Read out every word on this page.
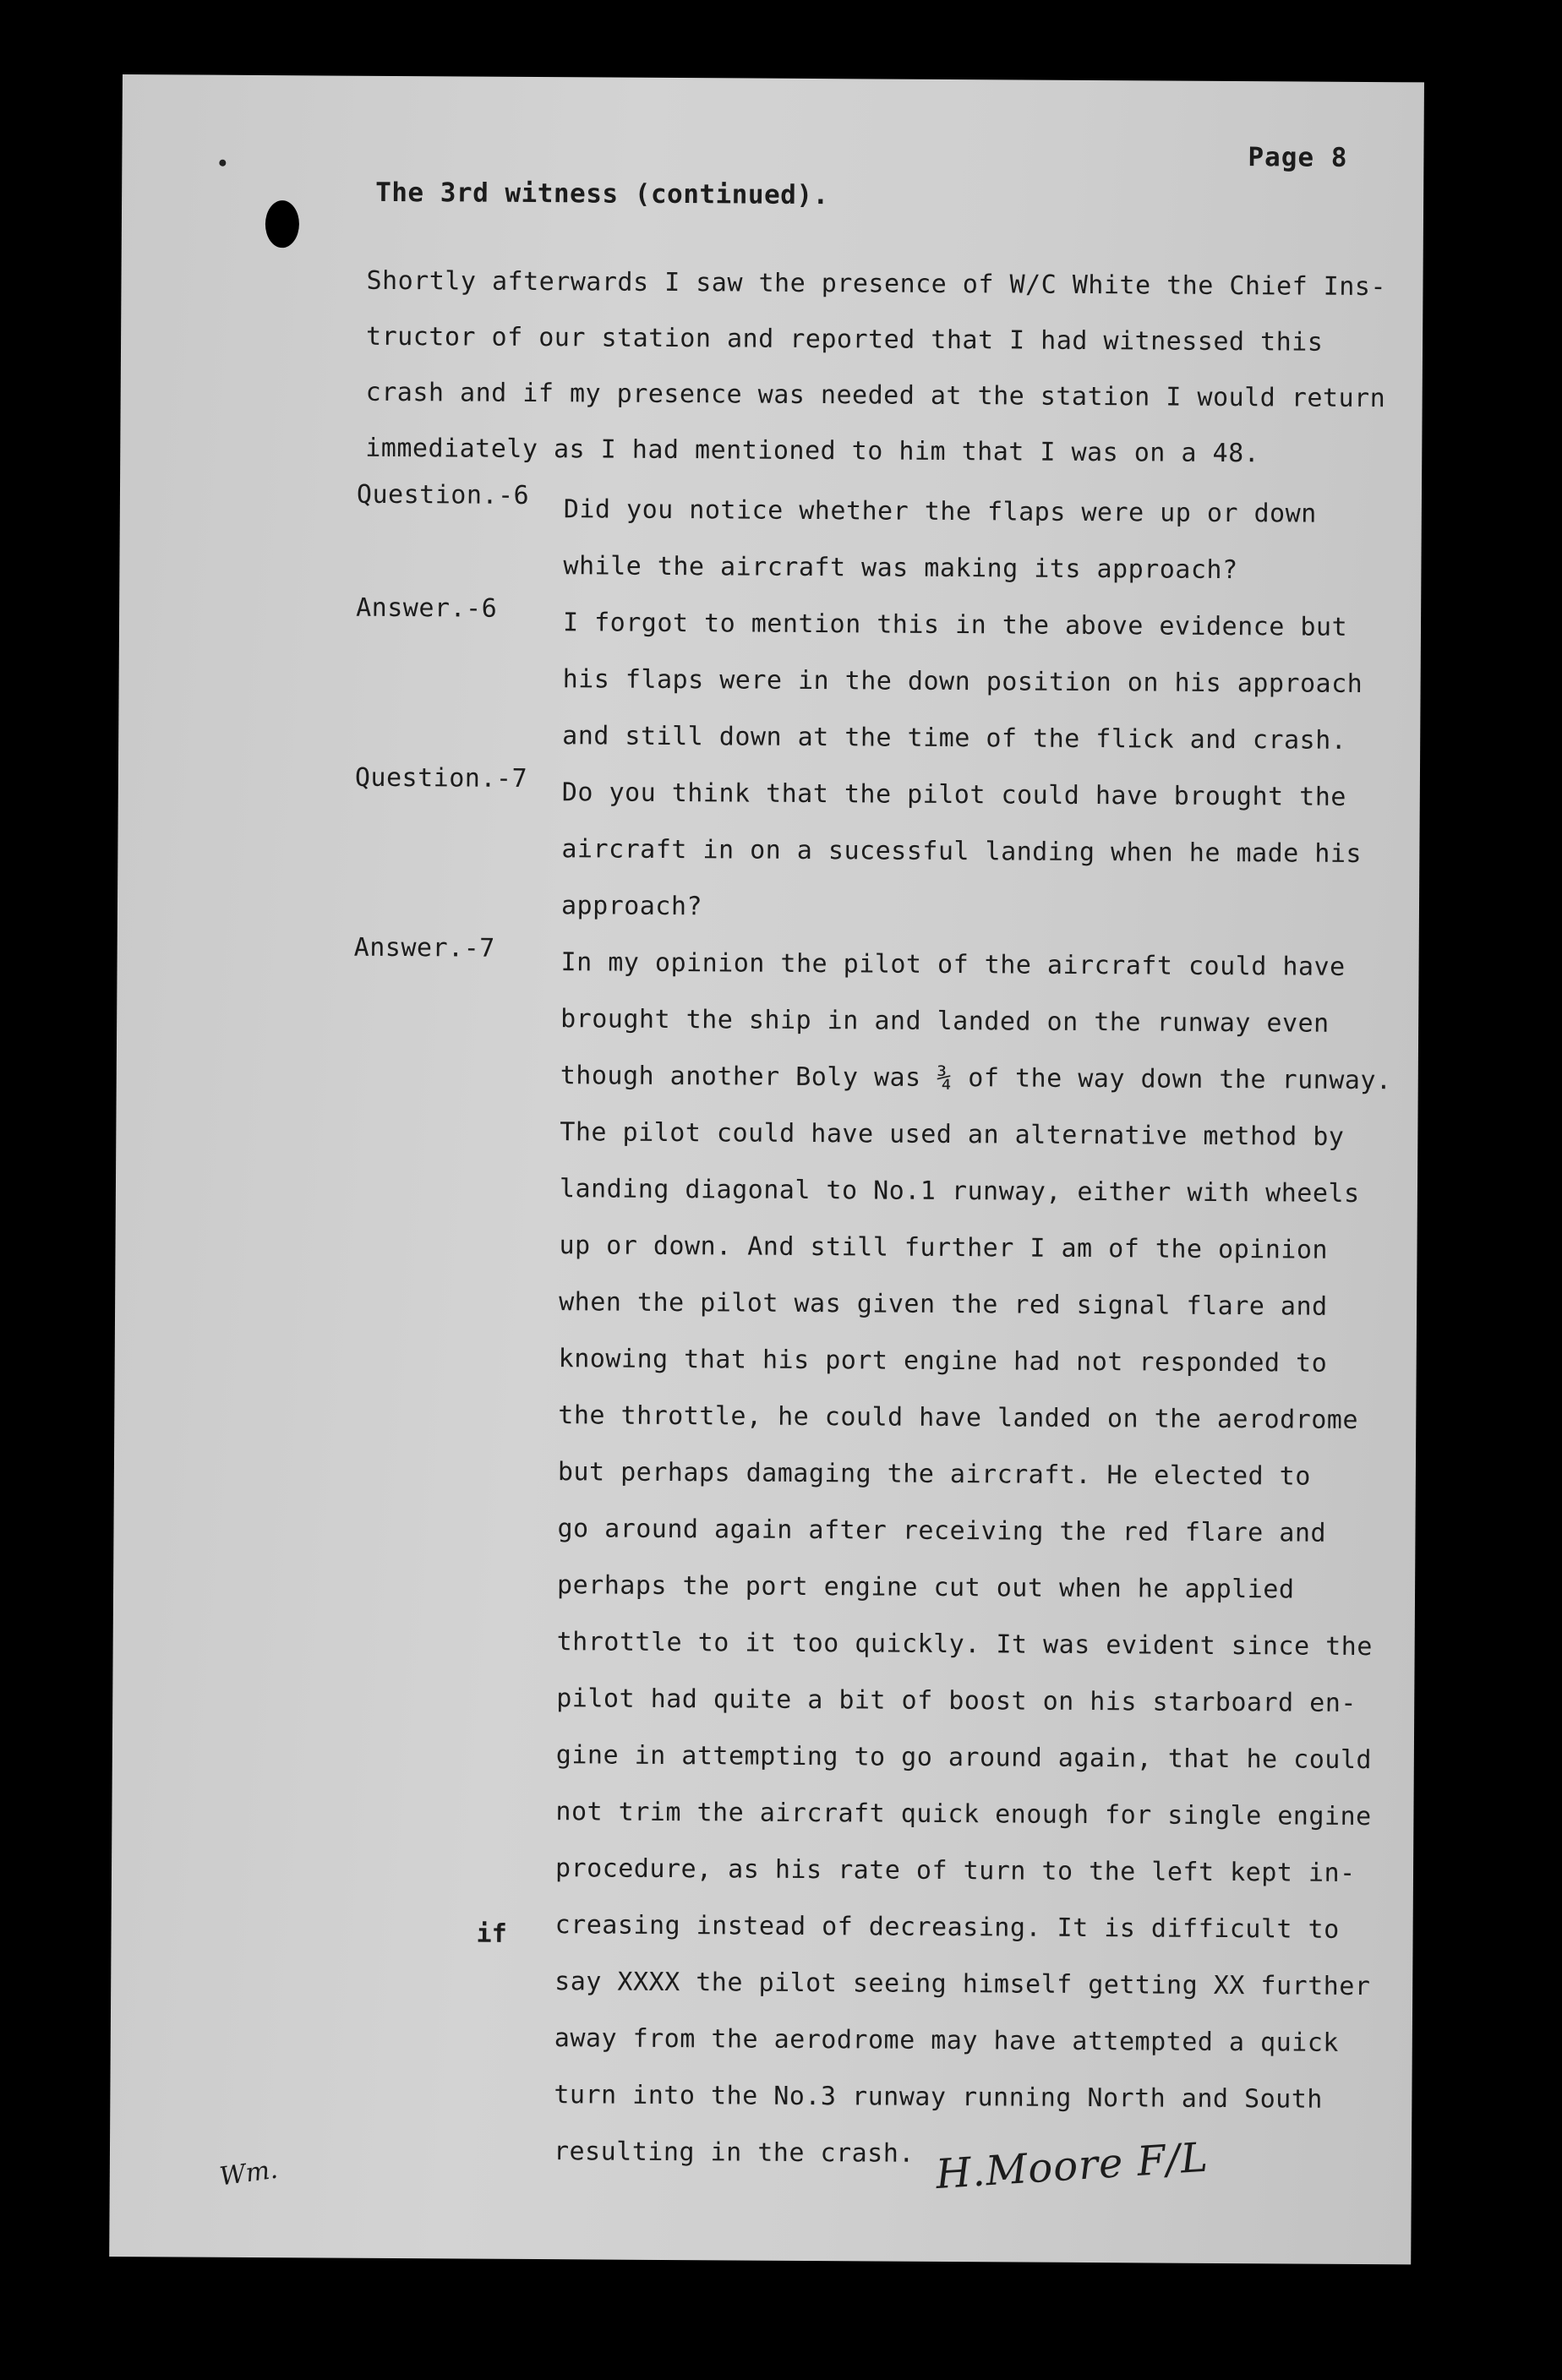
Page 8
The 3rd witness (continued).
Shortly afterwards I saw the presence of W/C White the Chief Ins-
tructor of our station and reported that I had witnessed this
crash and if my presence was needed at the station I would return
immediately as I had mentioned to him that I was on a 48.
Question.-6 Did you notice whether the flaps were up or down
while the aircraft was making its approach?
Answer.-6	I forgot to mention this in the above evidence but
his flaps were in the down position on his approach
and still down at the time of the flick and crash.
Question.-7 Do you think that the pilot could have brought the
aircraft in on a sucessful landing when he made his
approach?
Answer.-7	In my opinion the pilot of the aircraft could have
brought the ship in and landed on the runway even
though another Boly was ¾ of the way down the runway.
The pilot could have used an alternative method by
landing diagonal to No.1 runway, either with wheels
up or down. And still further I am of the opinion
when the pilot was given the red signal flare and
knowing that his port engine had not responded to
the throttle, he could have landed on the aerodrome
but perhaps damaging the aircraft. He elected to
go around again after receiving the red flare and
perhaps the port engine cut out when he applied
throttle to it too quickly. It was evident since the
pilot had quite a bit of boost on his starboard en-
gine in attempting to go around again, that he could
not trim the aircraft quick enough for single engine
procedure, as his rate of turn to the left kept in-
creasing instead of decreasing. It is difficult to
say XXXX the pilot seeing himself getting XX further
away from the aerodrome may have attempted a quick
turn into the No.3 runway running North and South
resulting in the crash.
if
H.Moore F/L
Wm.
